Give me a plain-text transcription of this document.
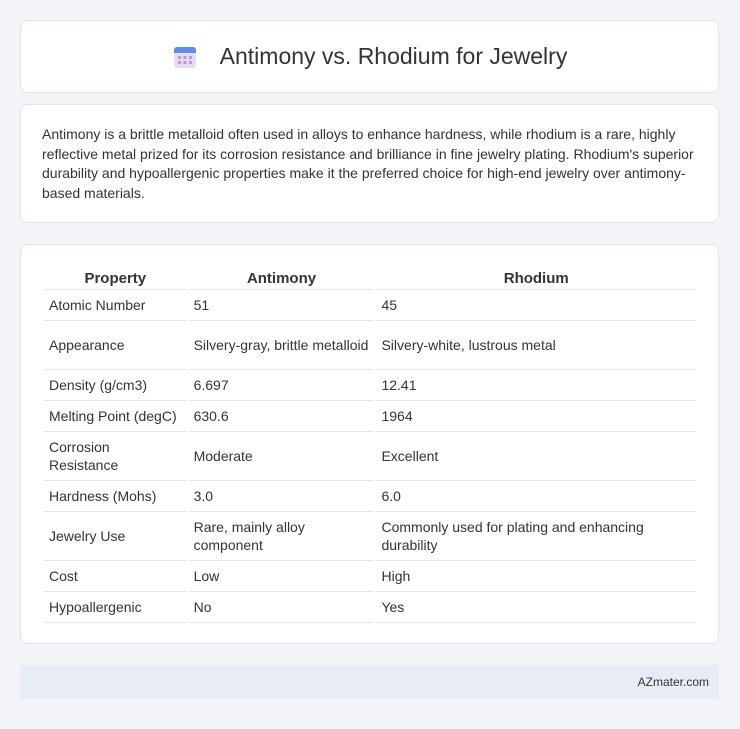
Antimony vs. Rhodium for Jewelry

Antimony is a brittle metalloid often used in alloys to enhance hardness, while rhodium is a rare, highly reflective metal prized for its corrosion resistance and brilliance in fine jewelry plating. Rhodium's superior durability and hypoallergenic properties make it the preferred choice for high-end jewelry over antimony-based materials.

Property	Antimony	Rhodium
Atomic Number	51	45
Appearance	Silvery-gray, brittle metalloid	Silvery-white, lustrous metal
Density (g/cm3)	6.697	12.41
Melting Point (degC)	630.6	1964
Corrosion Resistance	Moderate	Excellent
Hardness (Mohs)	3.0	6.0
Jewelry Use	Rare, mainly alloy component	Commonly used for plating and enhancing durability
Cost	Low	High
Hypoallergenic	No	Yes
AZmater.com
